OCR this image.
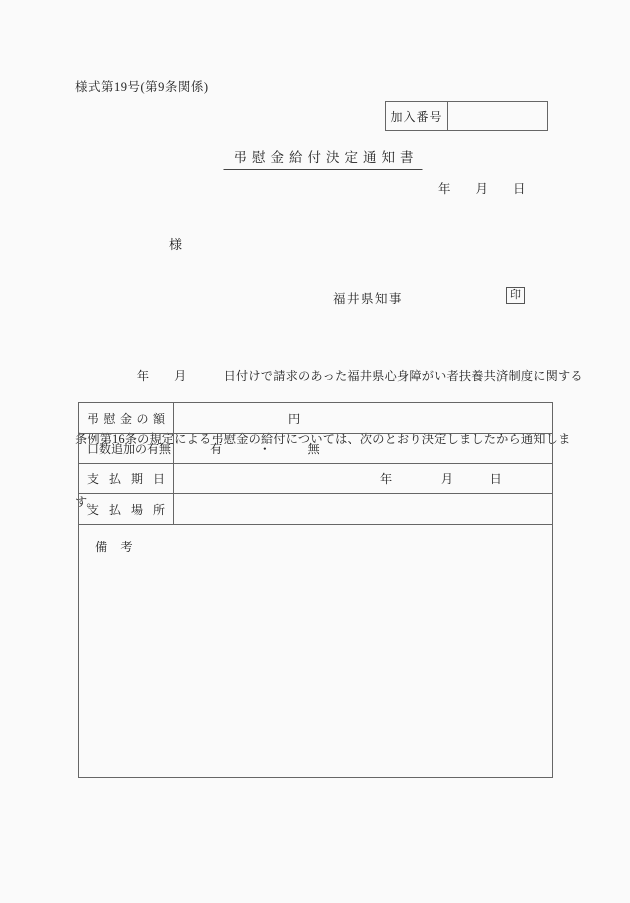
様式第19号(第9条関係)
加入番号
弔慰金給付決定通知書
年　　月　　日
様
福井県知事	印

　　　　　年　　月　　　日付けで請求のあった福井県心身障がい者扶養共済制度に関する

条例第16条の規定による弔慰金の給付については、次のとおり決定しましたから通知しま

す。

弔 慰 金 の 額	円
口数追加の有無	有　　　・　　　無
支 払 期 日	年　　　　月　　　日
支 払 場 所	
備　考	
